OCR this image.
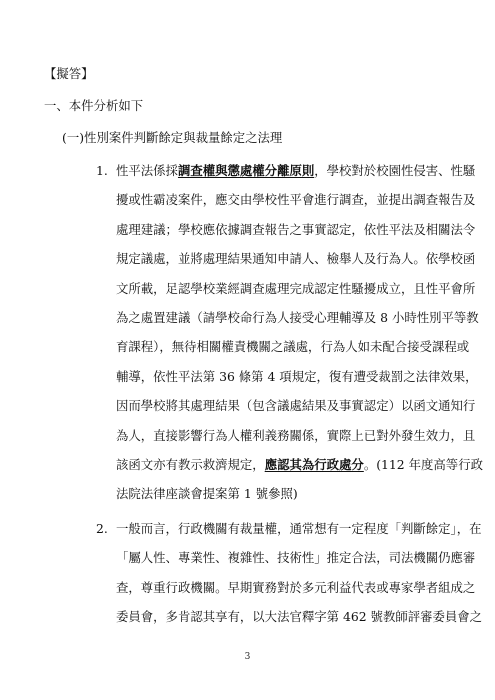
【擬答】
一、本件分析如下
(一)性別案件判斷餘定與裁量餘定之法理
1. 性平法係採調查權與懲處權分離原則，學校對於校園性侵害、性騷
擾或性霸凌案件，應交由學校性平會進行調查，並提出調查報告及
處理建議；學校應依據調查報告之事實認定，依性平法及相關法令
規定議處，並將處理結果通知申請人、檢舉人及行為人。依學校函
文所載，足認學校業經調查處理完成認定性騷擾成立，且性平會所
為之處置建議（請學校命行為人接受心理輔導及 8 小時性別平等教
育課程），無待相關權責機關之議處，行為人如未配合接受課程或
輔導，依性平法第 36 條第 4 項規定，復有遭受裁罰之法律效果，
因而學校將其處理結果（包含議處結果及事實認定）以函文通知行
為人，直接影響行為人權利義務關係，實際上已對外發生效力，且
該函文亦有教示救濟規定，應認其為行政處分。(112 年度高等行政
法院法律座談會提案第 1 號參照)
2. 一般而言，行政機關有裁量權，通常想有一定程度「判斷餘定」，在
「屬人性、專業性、複雜性、技術性」推定合法，司法機關仍應審
查，尊重行政機關。早期實務對於多元利益代表或專家學者組成之
委員會，多肯認其享有，以大法官釋字第 462 號教師評審委員會之
3
